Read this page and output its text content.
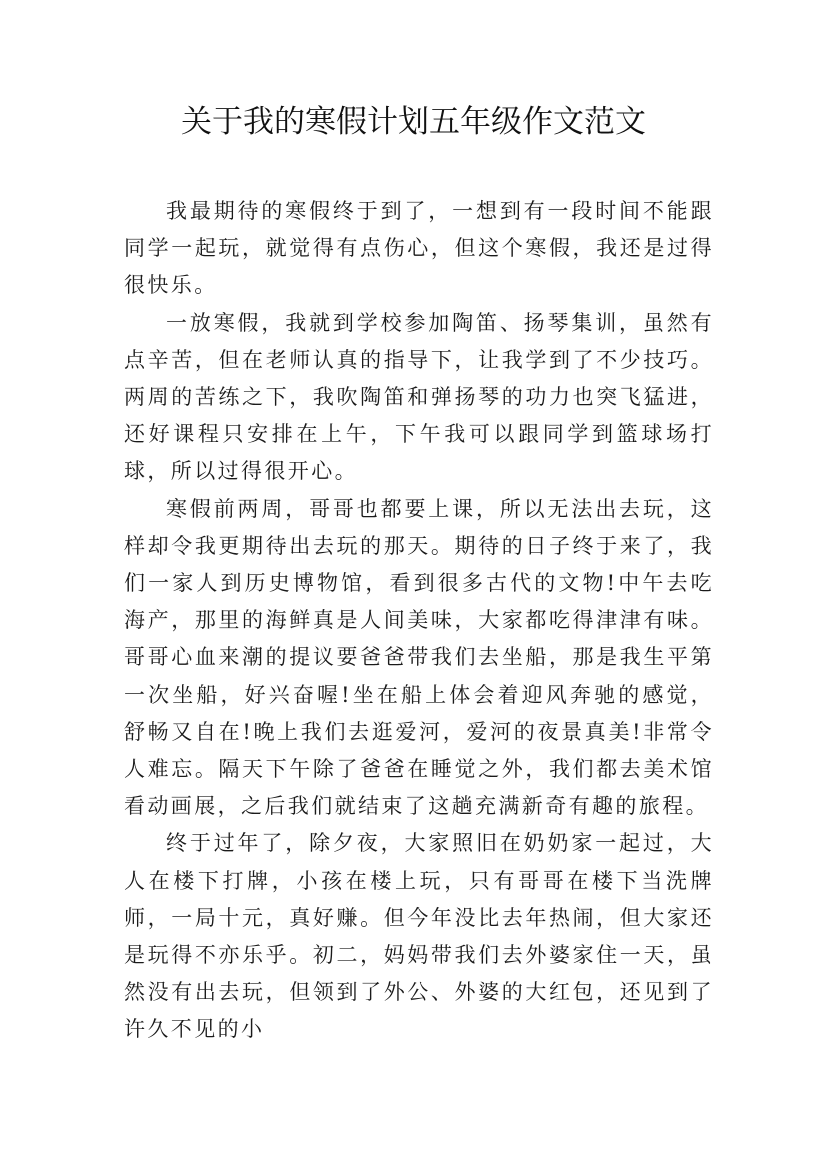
关于我的寒假计划五年级作文范文

我最期待的寒假终于到了，一想到有一段时间不能跟同学一起玩，就觉得有点伤心，但这个寒假，我还是过得很快乐。

一放寒假，我就到学校参加陶笛、扬琴集训，虽然有点辛苦，但在老师认真的指导下，让我学到了不少技巧。两周的苦练之下，我吹陶笛和弹扬琴的功力也突飞猛进，还好课程只安排在上午，下午我可以跟同学到篮球场打球，所以过得很开心。

寒假前两周，哥哥也都要上课，所以无法出去玩，这样却令我更期待出去玩的那天。期待的日子终于来了，我们一家人到历史博物馆，看到很多古代的文物!中午去吃海产，那里的海鲜真是人间美味，大家都吃得津津有味。哥哥心血来潮的提议要爸爸带我们去坐船，那是我生平第一次坐船，好兴奋喔!坐在船上体会着迎风奔驰的感觉，舒畅又自在!晚上我们去逛爱河，爱河的夜景真美!非常令人难忘。隔天下午除了爸爸在睡觉之外，我们都去美术馆看动画展，之后我们就结束了这趟充满新奇有趣的旅程。

终于过年了，除夕夜，大家照旧在奶奶家一起过，大人在楼下打牌，小孩在楼上玩，只有哥哥在楼下当洗牌师，一局十元，真好赚。但今年没比去年热闹，但大家还是玩得不亦乐乎。初二，妈妈带我们去外婆家住一天，虽然没有出去玩，但领到了外公、外婆的大红包，还见到了许久不见的小
